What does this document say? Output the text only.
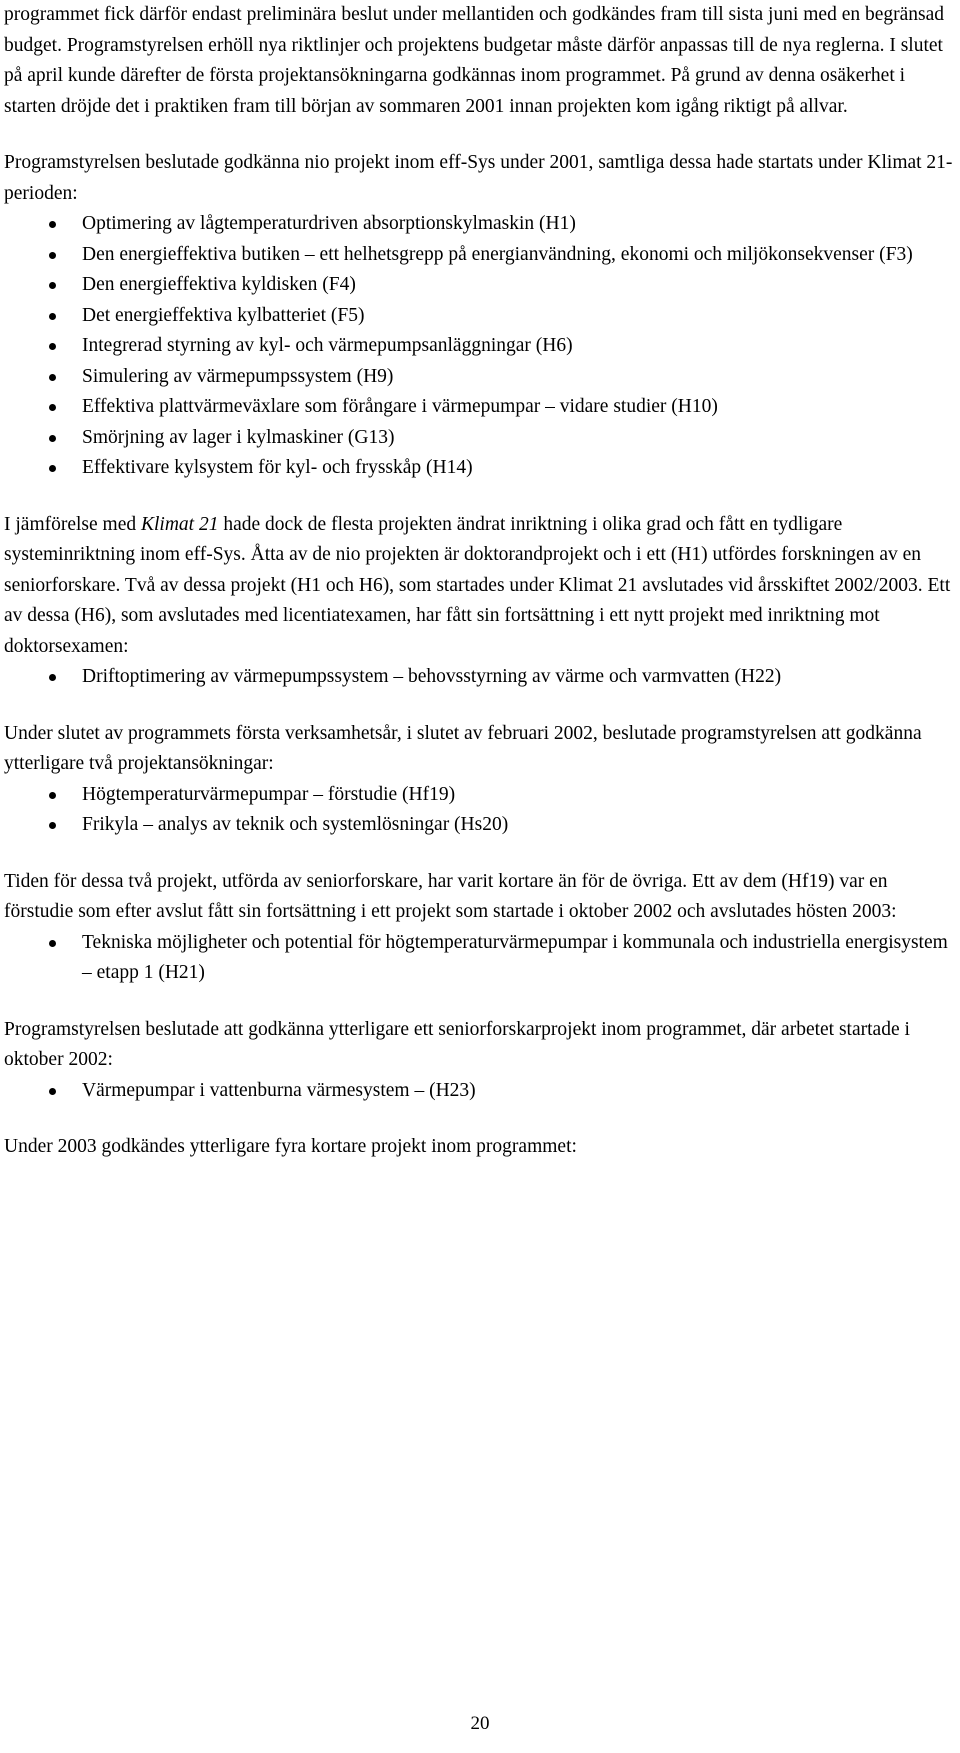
programmet fick därför endast preliminära beslut under mellantiden och godkändes fram till sista juni med en begränsad budget. Programstyrelsen erhöll nya riktlinjer och projektens budgetar måste därför anpassas till de nya reglerna. I slutet på april kunde därefter de första projektansökningarna godkännas inom programmet. På grund av denna osäkerhet i starten dröjde det i praktiken fram till början av sommaren 2001 innan projekten kom igång riktigt på allvar.

Programstyrelsen beslutade godkänna nio projekt inom eff-Sys under 2001, samtliga dessa hade startats under Klimat 21-perioden:

Optimering av lågtemperaturdriven absorptionskylmaskin (H1)
Den energieffektiva butiken – ett helhetsgrepp på energianvändning, ekonomi och miljökonsekvenser (F3)
Den energieffektiva kyldisken (F4)
Det energieffektiva kylbatteriet (F5)
Integrerad styrning av kyl- och värmepumpsanläggningar (H6)
Simulering av värmepumpssystem (H9)
Effektiva plattvärmeväxlare som förångare i värmepumpar – vidare studier (H10)
Smörjning av lager i kylmaskiner (G13)
Effektivare kylsystem för kyl- och frysskåp (H14)

I jämförelse med Klimat 21 hade dock de flesta projekten ändrat inriktning i olika grad och fått en tydligare systeminriktning inom eff-Sys. Åtta av de nio projekten är doktorandprojekt och i ett (H1) utfördes forskningen av en seniorforskare. Två av dessa projekt (H1 och H6), som startades under Klimat 21 avslutades vid årsskiftet 2002/2003. Ett av dessa (H6), som avslutades med licentiatexamen, har fått sin fortsättning i ett nytt projekt med inriktning mot doktorsexamen:

Driftoptimering av värmepumpssystem – behovsstyrning av värme och varmvatten (H22)

Under slutet av programmets första verksamhetsår, i slutet av februari 2002, beslutade programstyrelsen att godkänna ytterligare två projektansökningar:

Högtemperaturvärmepumpar – förstudie (Hf19)
Frikyla – analys av teknik och systemlösningar (Hs20)

Tiden för dessa två projekt, utförda av seniorforskare, har varit kortare än för de övriga. Ett av dem (Hf19) var en förstudie som efter avslut fått sin fortsättning i ett projekt som startade i oktober 2002 och avslutades hösten 2003:

Tekniska möjligheter och potential för högtemperaturvärmepumpar i kommunala och industriella energisystem – etapp 1 (H21)

Programstyrelsen beslutade att godkänna ytterligare ett seniorforskarprojekt inom programmet, där arbetet startade i oktober 2002:

Värmepumpar i vattenburna värmesystem – (H23)

Under 2003 godkändes ytterligare fyra kortare projekt inom programmet:

20
